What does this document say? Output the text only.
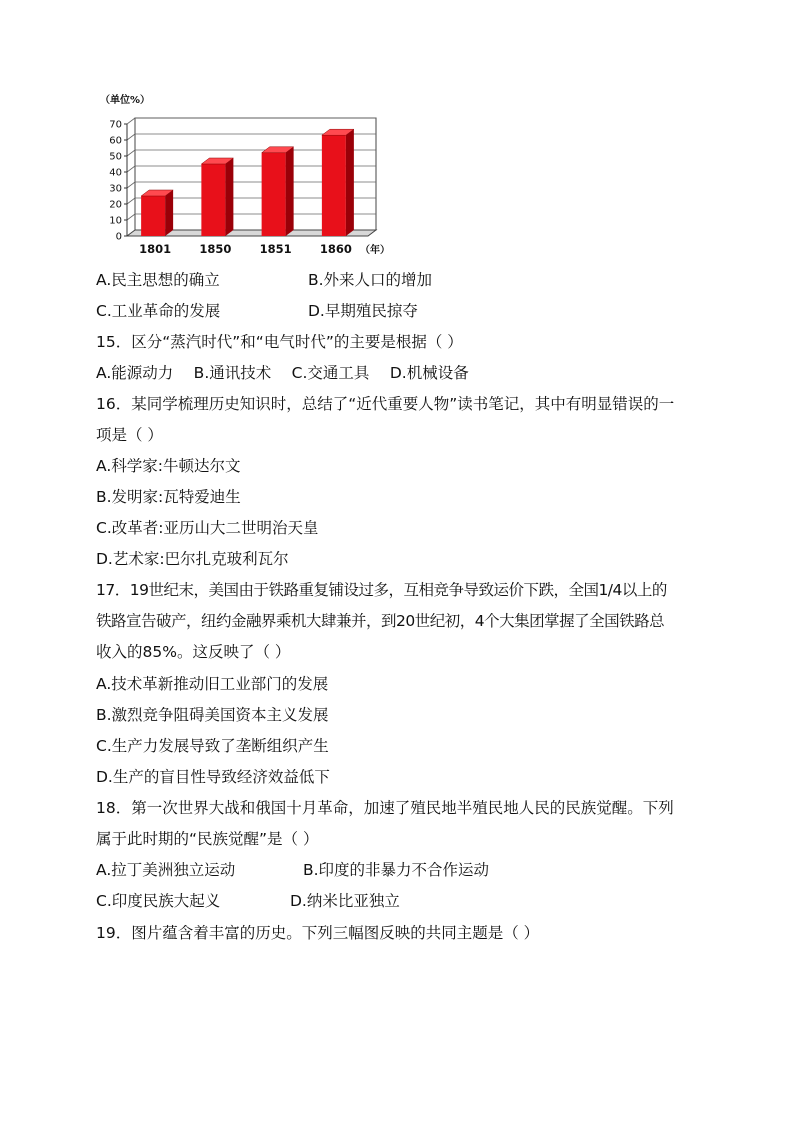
（单位%）
0
10
20
30
40
50
60
70
1801 1850 1851 1860 （年）
A.民主思想的确立	B.外来人口的增加
C.工业革命的发展	D.早期殖民掠夺
15．区分“蒸汽时代”和“电气时代”的主要是根据（ ）
A.能源动力　 B.通讯技术　 C.交通工具　 D.机械设备
16．某同学梳理历史知识时，总结了“近代重要人物”读书笔记，其中有明显错误的一
项是（ ）
A.科学家:牛顿达尔文
B.发明家:瓦特爱迪生
C.改革者:亚历山大二世明治天皇
D.艺术家:巴尔扎克玻利瓦尔
17．19世纪末，美国由于铁路重复铺设过多，互相竞争导致运价下跌，全国1/4以上的
铁路宣告破产，纽约金融界乘机大肆兼并，到20世纪初，4个大集团掌握了全国铁路总
收入的85%。这反映了（ ）
A.技术革新推动旧工业部门的发展
B.激烈竞争阻碍美国资本主义发展
C.生产力发展导致了垄断组织产生
D.生产的盲目性导致经济效益低下
18．第一次世界大战和俄国十月革命，加速了殖民地半殖民地人民的民族觉醒。下列
属于此时期的“民族觉醒”是（ ）
A.拉丁美洲独立运动	B.印度的非暴力不合作运动
C.印度民族大起义	D.纳米比亚独立
19．图片蕴含着丰富的历史。下列三幅图反映的共同主题是（ ）
